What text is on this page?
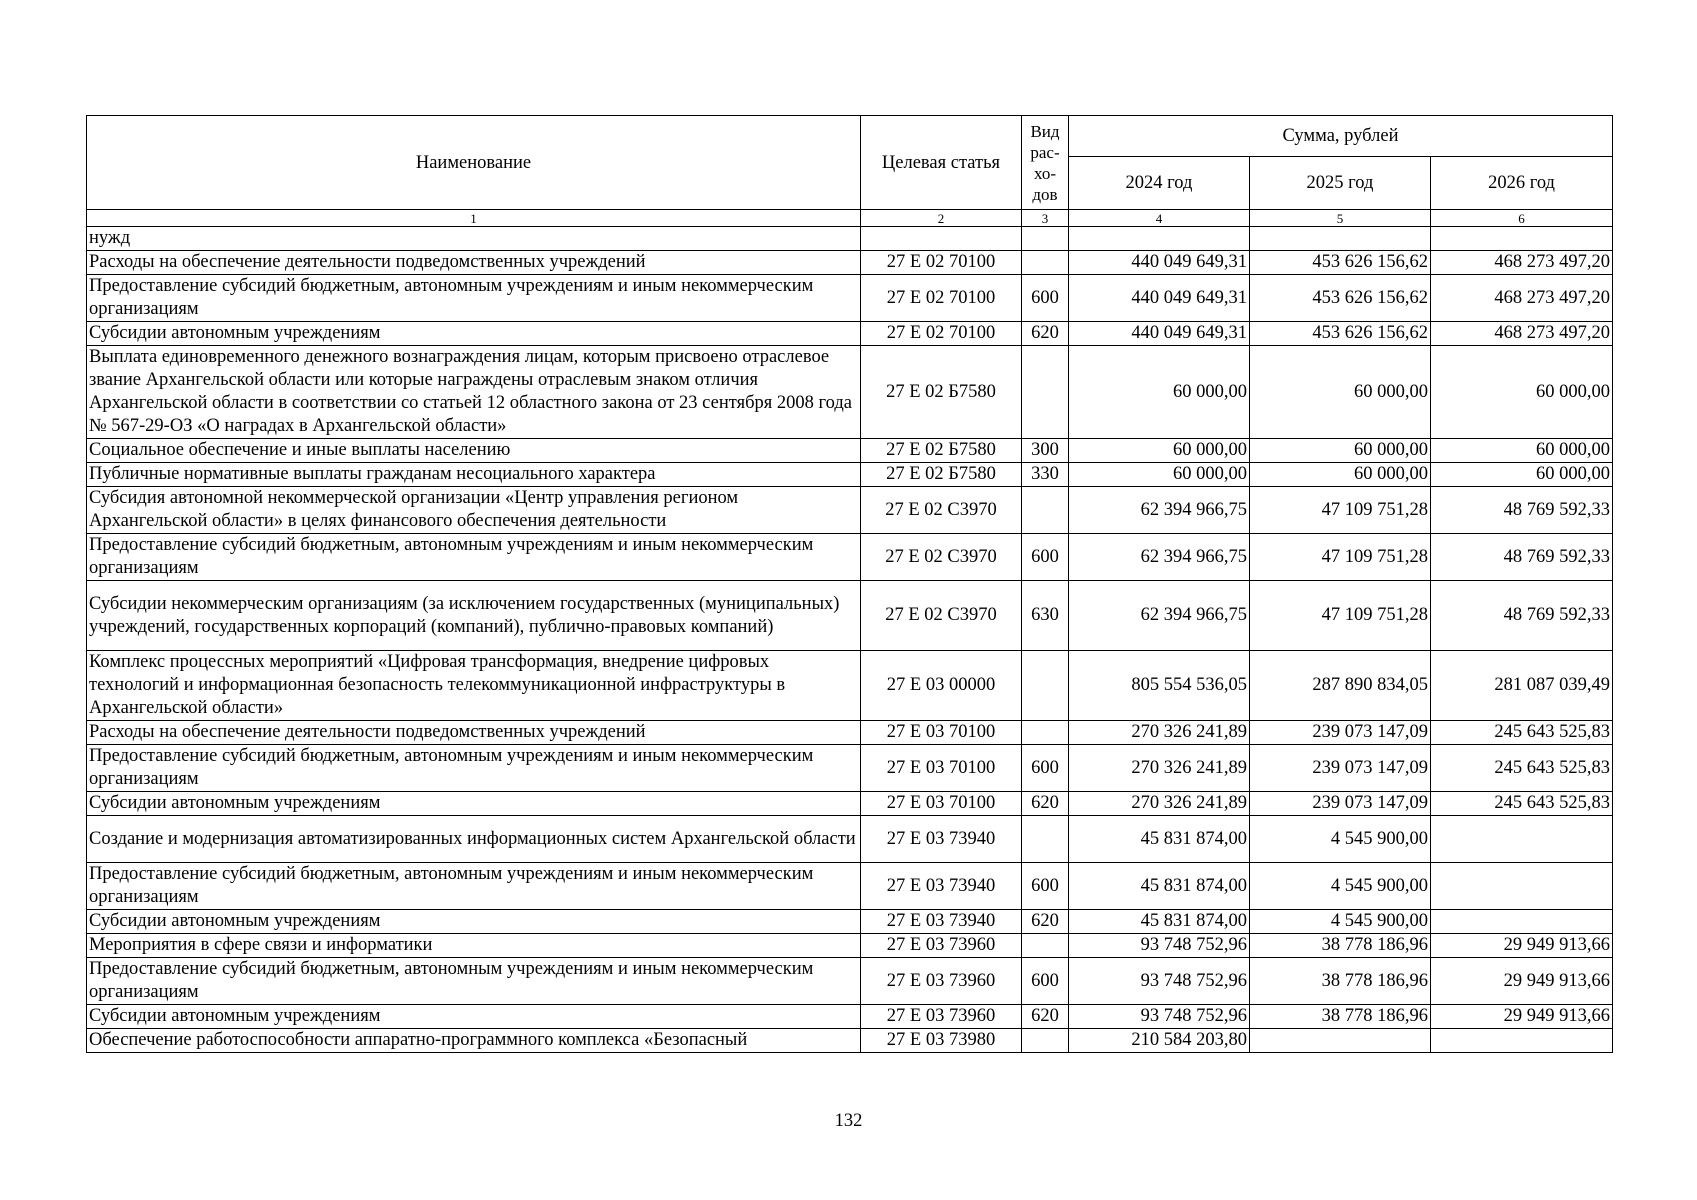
Наименование	Целевая статья	Вид рас-хо-дов	Сумма, рублей		
			2024 год	2025 год	2026 год
1	2	3	4	5	6
нужд					
Расходы на обеспечение деятельности подведомственных учреждений	27 Е 02 70100		440 049 649,31	453 626 156,62	468 273 497,20
Предоставление субсидий бюджетным, автономным учреждениям и иным некоммерческим организациям	27 Е 02 70100	600	440 049 649,31	453 626 156,62	468 273 497,20
Субсидии автономным учреждениям	27 Е 02 70100	620	440 049 649,31	453 626 156,62	468 273 497,20
Выплата единовременного денежного вознаграждения лицам, которым присвоено отраслевое звание Архангельской области или которые награждены отраслевым знаком отличия Архангельской области в соответствии со статьей 12 областного закона от 23 сентября 2008 года № 567-29-ОЗ «О наградах в Архангельской области»	27 Е 02 Б7580		60 000,00	60 000,00	60 000,00
Социальное обеспечение и иные выплаты населению	27 Е 02 Б7580	300	60 000,00	60 000,00	60 000,00
Публичные нормативные выплаты гражданам несоциального характера	27 Е 02 Б7580	330	60 000,00	60 000,00	60 000,00
Субсидия автономной некоммерческой организации «Центр управления регионом Архангельской области» в целях финансового обеспечения деятельности	27 Е 02 С3970		62 394 966,75	47 109 751,28	48 769 592,33
Предоставление субсидий бюджетным, автономным учреждениям и иным некоммерческим организациям	27 Е 02 С3970	600	62 394 966,75	47 109 751,28	48 769 592,33
Субсидии некоммерческим организациям (за исключением государственных (муниципальных) учреждений, государственных корпораций (компаний), публично-правовых компаний)	27 Е 02 С3970	630	62 394 966,75	47 109 751,28	48 769 592,33
Комплекс процессных мероприятий «Цифровая трансформация, внедрение цифровых технологий и информационная безопасность телекоммуникационной инфраструктуры в Архангельской области»	27 Е 03 00000		805 554 536,05	287 890 834,05	281 087 039,49
Расходы на обеспечение деятельности подведомственных учреждений	27 Е 03 70100		270 326 241,89	239 073 147,09	245 643 525,83
Предоставление субсидий бюджетным, автономным учреждениям и иным некоммерческим организациям	27 Е 03 70100	600	270 326 241,89	239 073 147,09	245 643 525,83
Субсидии автономным учреждениям	27 Е 03 70100	620	270 326 241,89	239 073 147,09	245 643 525,83
Создание и модернизация автоматизированных информационных систем Архангельской области	27 Е 03 73940		45 831 874,00	4 545 900,00	
Предоставление субсидий бюджетным, автономным учреждениям и иным некоммерческим организациям	27 Е 03 73940	600	45 831 874,00	4 545 900,00	
Субсидии автономным учреждениям	27 Е 03 73940	620	45 831 874,00	4 545 900,00	
Мероприятия в сфере связи и информатики	27 Е 03 73960		93 748 752,96	38 778 186,96	29 949 913,66
Предоставление субсидий бюджетным, автономным учреждениям и иным некоммерческим организациям	27 Е 03 73960	600	93 748 752,96	38 778 186,96	29 949 913,66
Субсидии автономным учреждениям	27 Е 03 73960	620	93 748 752,96	38 778 186,96	29 949 913,66
Обеспечение работоспособности аппаратно-программного комплекса «Безопасный	27 Е 03 73980		210 584 203,80		
132
